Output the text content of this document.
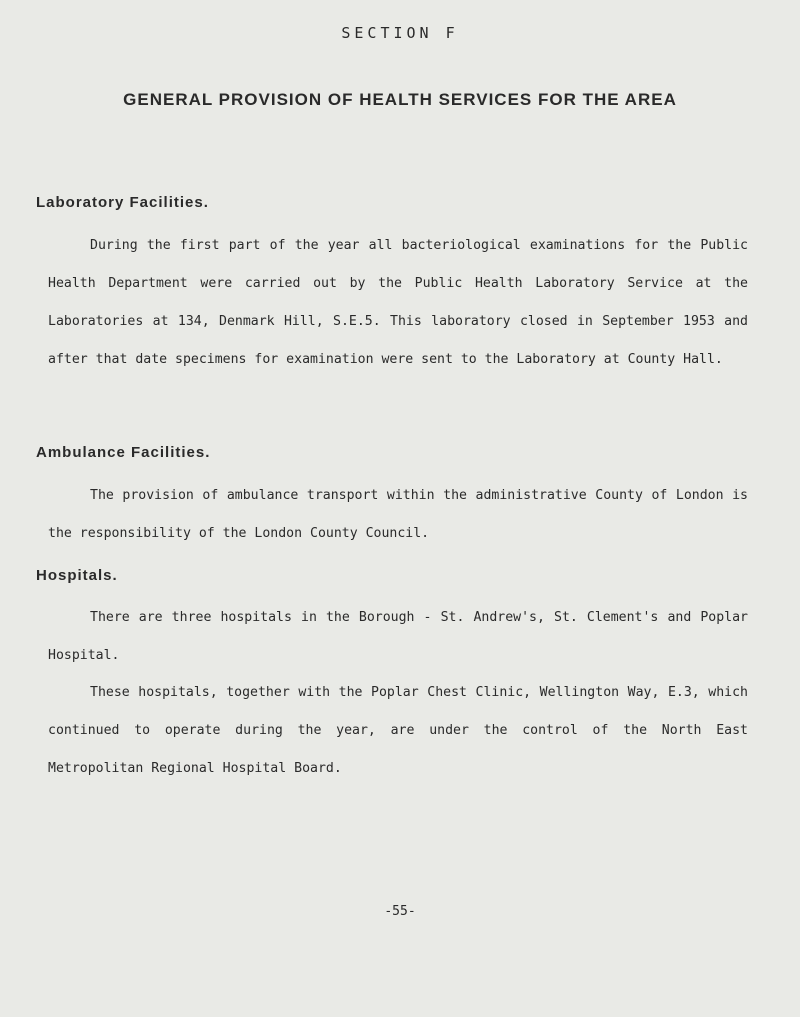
SECTION F
GENERAL PROVISION OF HEALTH SERVICES FOR THE AREA
Laboratory Facilities.
During the first part of the year all bacteriological examinations for the Public Health Department were carried out by the Public Health Laboratory Service at the Laboratories at 134, Denmark Hill, S.E.5. This laboratory closed in September 1953 and after that date specimens for examination were sent to the Laboratory at County Hall.
Ambulance Facilities.
The provision of ambulance transport within the administrative County of London is the responsibility of the London County Council.
Hospitals.
There are three hospitals in the Borough - St. Andrew's, St. Clement's and Poplar Hospital.
These hospitals, together with the Poplar Chest Clinic, Wellington Way, E.3, which continued to operate during the year, are under the control of the North East Metropolitan Regional Hospital Board.
-55-
